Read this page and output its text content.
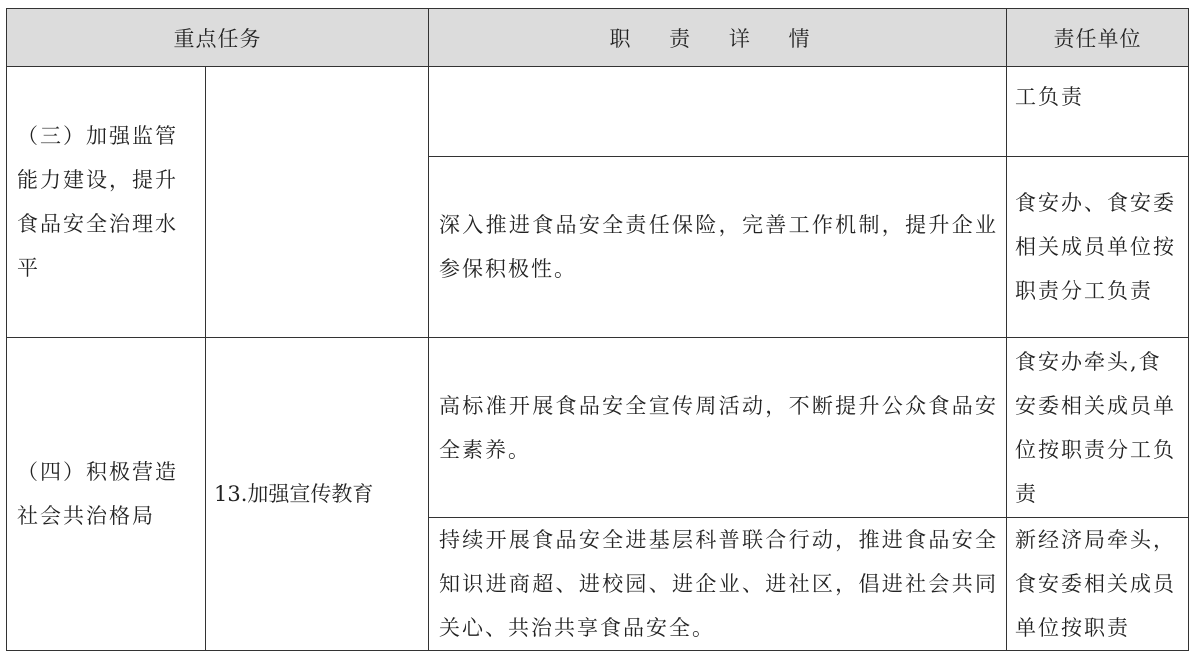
重点任务		职 责 详 情	责任单位
（三）加强监管能力建设，提升食品安全治理水平			工负责
		深入推进食品安全责任保险，完善工作机制，提升企业参保积极性。	食安办、食安委相关成员单位按职责分工负责
（四）积极营造社会共治格局	13.加强宣传教育	高标准开展食品安全宣传周活动，不断提升公众食品安全素养。	食安办牵头,食安委相关成员单位按职责分工负责
		持续开展食品安全进基层科普联合行动，推进食品安全知识进商超、进校园、进企业、进社区，倡进社会共同关心、共治共享食品安全。	新经济局牵头，食安委相关成员单位按职责
